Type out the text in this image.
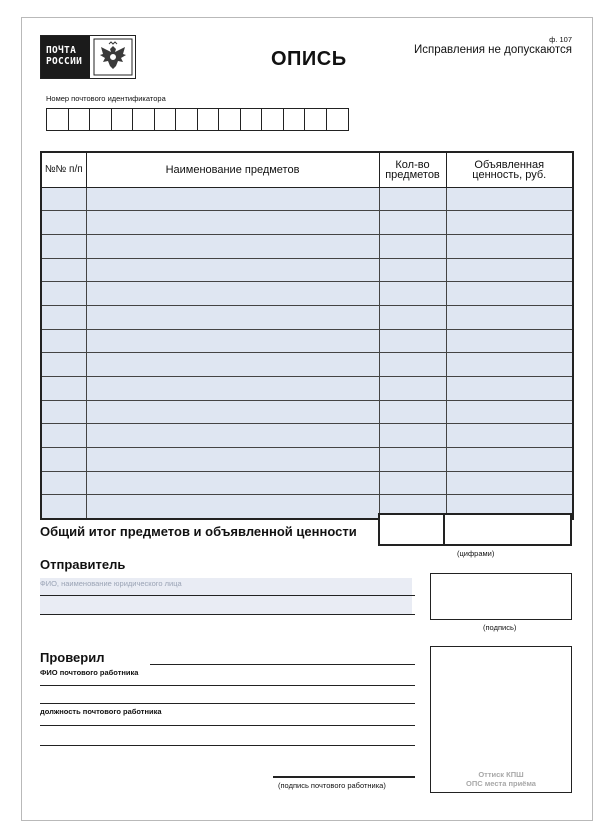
ПОЧТА
РОССИИ	ОПИСЬ
ф. 107
Исправления не допускаются
Номер почтового идентификатора
№№ п/п	Наименование предметов	Кол-во предметов	Объявленная ценность, руб.

Общий итог предметов и объявленной ценности
(цифрами)
Отправитель
ФИО, наименование юридического лица
(подпись)
Проверил
ФИО почтового работника
должность почтового работника
(подпись почтового работника)
Оттиск КПШ
ОПС места приёма
